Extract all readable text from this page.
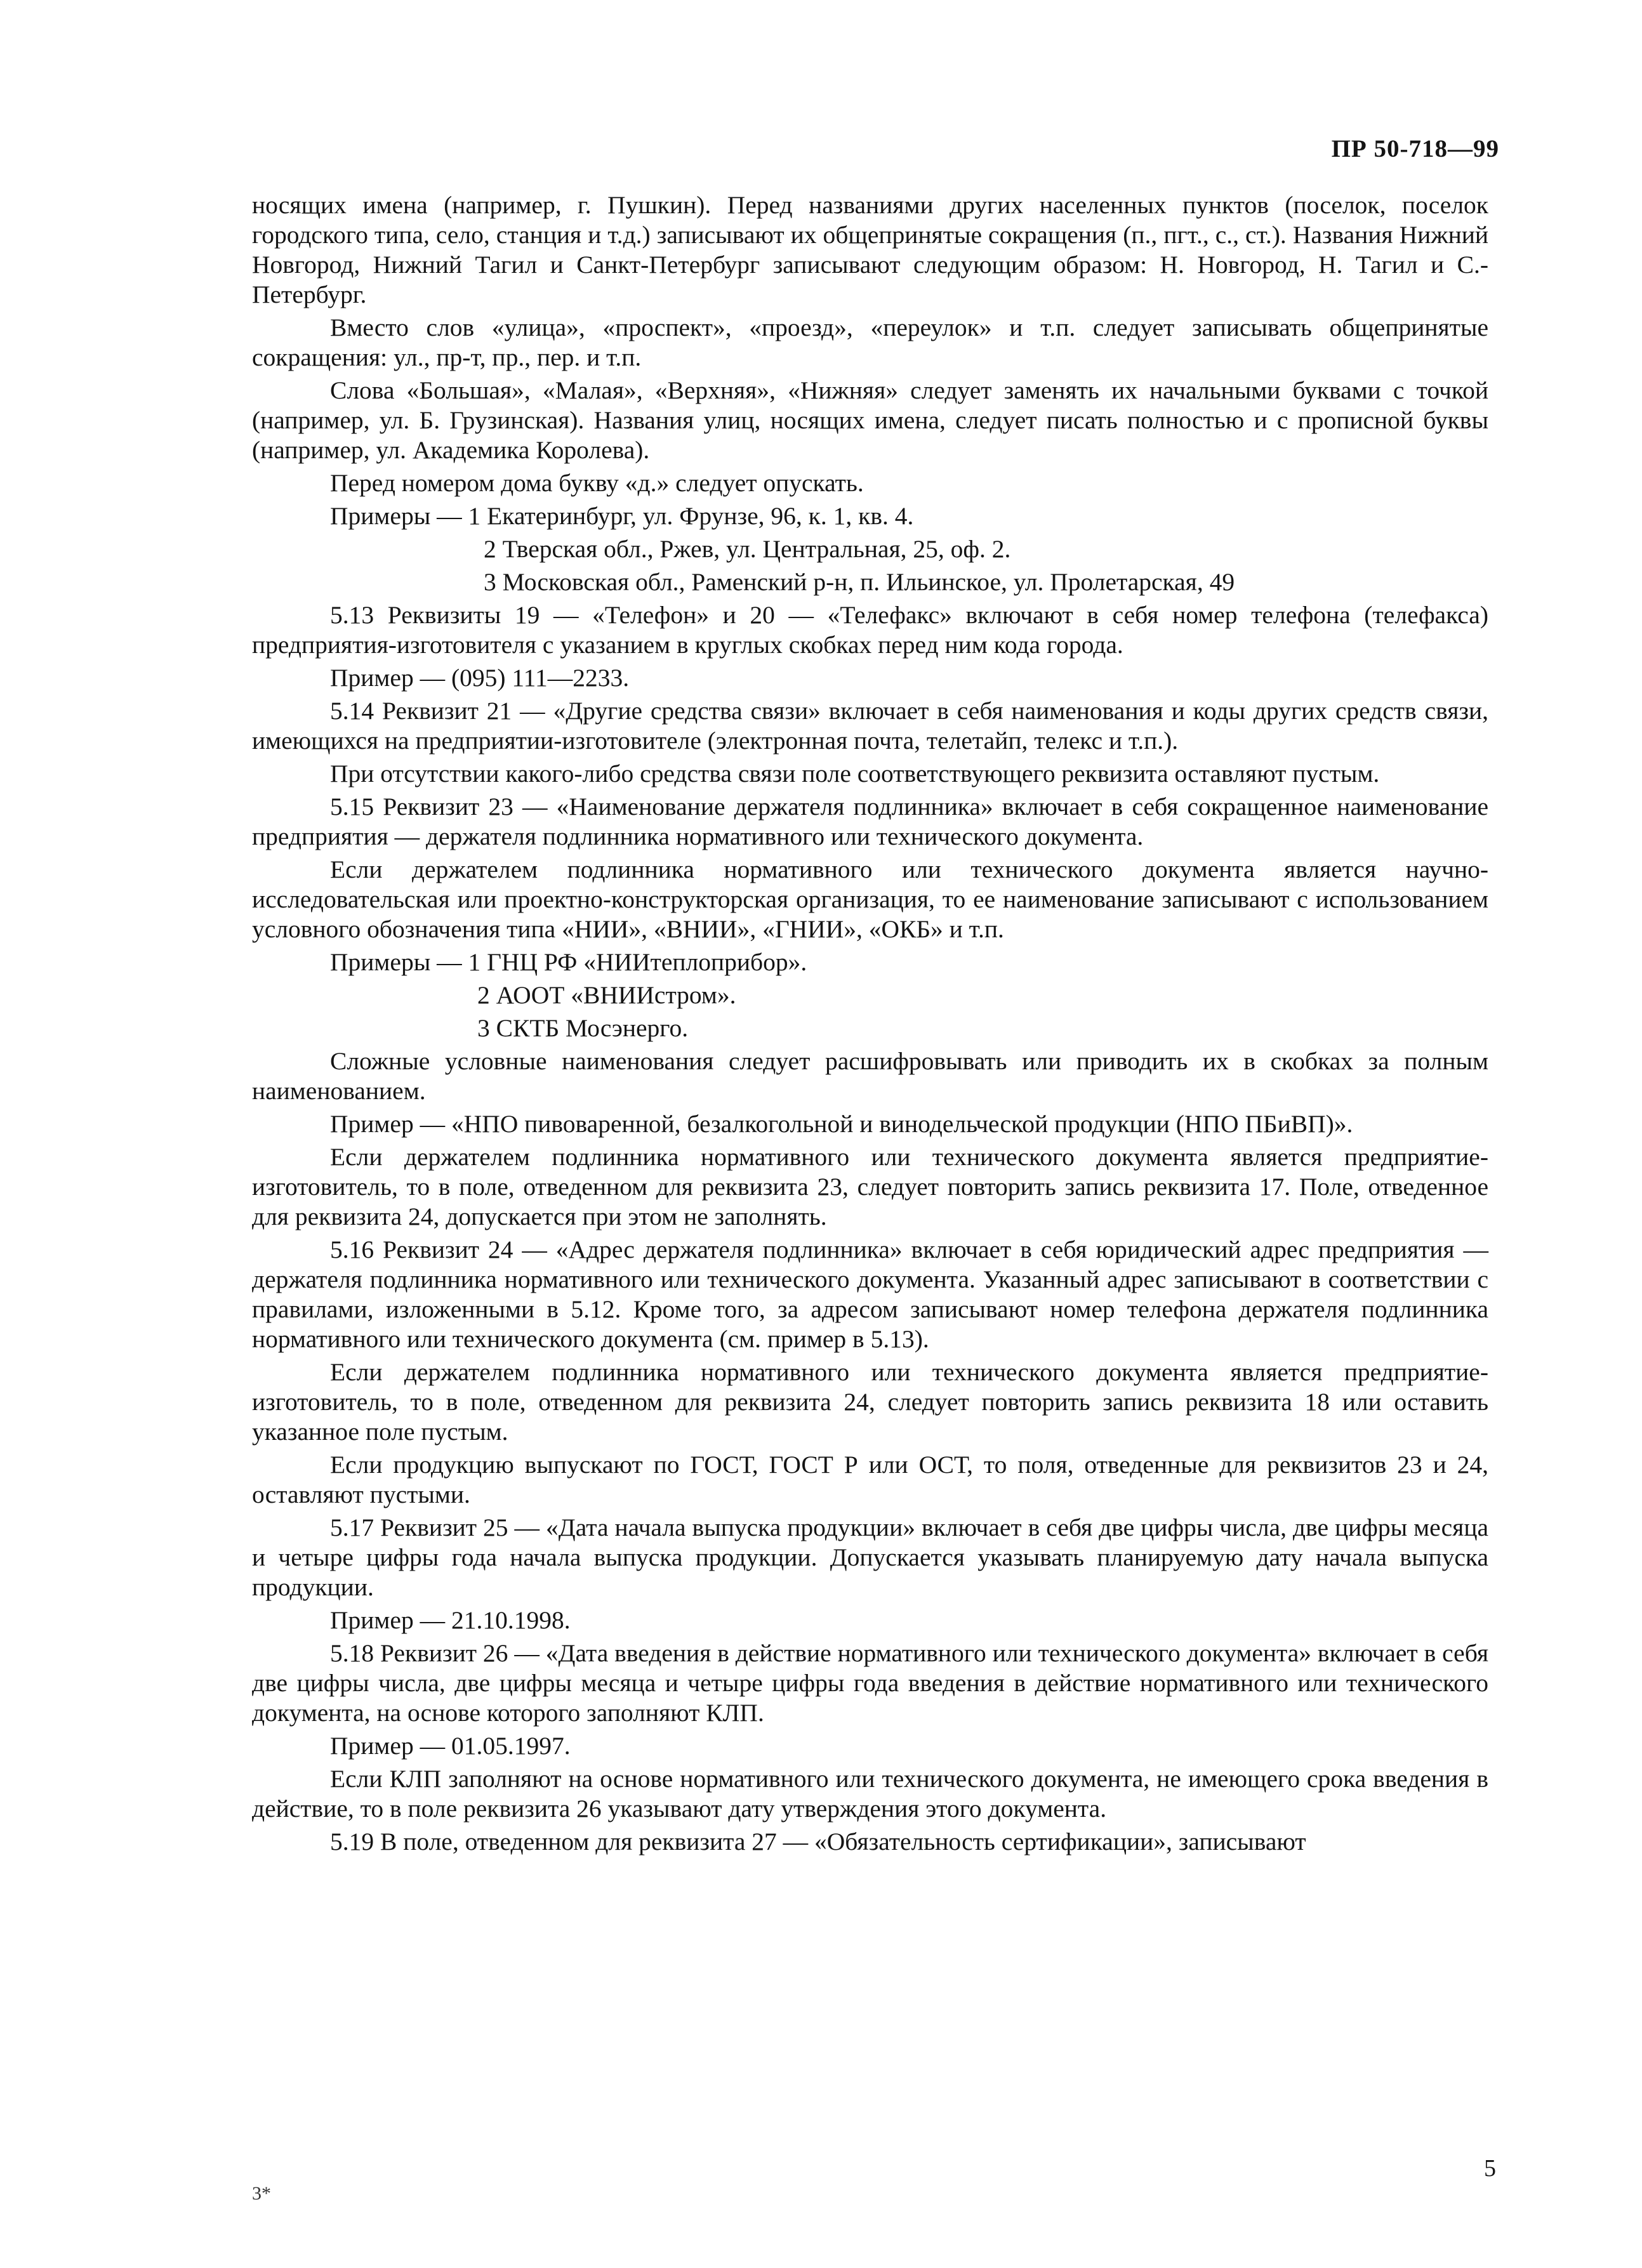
ПР 50-718—99

носящих имена (например, г. Пушкин). Перед названиями других населенных пунктов (поселок, поселок городского типа, село, станция и т.д.) записывают их общепринятые сокращения (п., пгт., с., ст.). Названия Нижний Новгород, Нижний Тагил и Санкт-Петербург записывают следующим образом: Н. Новгород, Н. Тагил и С.-Петербург.

Вместо слов «улица», «проспект», «проезд», «переулок» и т.п. следует записывать общепринятые сокращения: ул., пр-т, пр., пер. и т.п.

Слова «Большая», «Малая», «Верхняя», «Нижняя» следует заменять их начальными буквами с точкой (например, ул. Б. Грузинская). Названия улиц, носящих имена, следует писать полностью и с прописной буквы (например, ул. Академика Королева).

Перед номером дома букву «д.» следует опускать.

Примеры — 1 Екатеринбург, ул. Фрунзе, 96, к. 1, кв. 4.

2 Тверская обл., Ржев, ул. Центральная, 25, оф. 2.

3 Московская обл., Раменский р-н, п. Ильинское, ул. Пролетарская, 49

5.13 Реквизиты 19 — «Телефон» и 20 — «Телефакс» включают в себя номер телефона (телефакса) предприятия-изготовителя с указанием в круглых скобках перед ним кода города.

Пример — (095) 111—2233.

5.14 Реквизит 21 — «Другие средства связи» включает в себя наименования и коды других средств связи, имеющихся на предприятии-изготовителе (электронная почта, телетайп, телекс и т.п.).

При отсутствии какого-либо средства связи поле соответствующего реквизита оставляют пустым.

5.15 Реквизит 23 — «Наименование держателя подлинника» включает в себя сокращенное наименование предприятия — держателя подлинника нормативного или технического документа.

Если держателем подлинника нормативного или технического документа является научно-исследовательская или проектно-конструкторская организация, то ее наименование записывают с использованием условного обозначения типа «НИИ», «ВНИИ», «ГНИИ», «ОКБ» и т.п.

Примеры — 1 ГНЦ РФ «НИИтеплоприбор».

2 АООТ «ВНИИстром».

3 СКТБ Мосэнерго.

Сложные условные наименования следует расшифровывать или приводить их в скобках за полным наименованием.

Пример — «НПО пивоваренной, безалкогольной и винодельческой продукции (НПО ПБиВП)».

Если держателем подлинника нормативного или технического документа является предприятие-изготовитель, то в поле, отведенном для реквизита 23, следует повторить запись реквизита 17. Поле, отведенное для реквизита 24, допускается при этом не заполнять.

5.16 Реквизит 24 — «Адрес держателя подлинника» включает в себя юридический адрес предприятия — держателя подлинника нормативного или технического документа. Указанный адрес записывают в соответствии с правилами, изложенными в 5.12. Кроме того, за адресом записывают номер телефона держателя подлинника нормативного или технического документа (см. пример в 5.13).

Если держателем подлинника нормативного или технического документа является предприятие-изготовитель, то в поле, отведенном для реквизита 24, следует повторить запись реквизита 18 или оставить указанное поле пустым.

Если продукцию выпускают по ГОСТ, ГОСТ Р или ОСТ, то поля, отведенные для реквизитов 23 и 24, оставляют пустыми.

5.17 Реквизит 25 — «Дата начала выпуска продукции» включает в себя две цифры числа, две цифры месяца и четыре цифры года начала выпуска продукции. Допускается указывать планируемую дату начала выпуска продукции.

Пример — 21.10.1998.

5.18 Реквизит 26 — «Дата введения в действие нормативного или технического документа» включает в себя две цифры числа, две цифры месяца и четыре цифры года введения в действие нормативного или технического документа, на основе которого заполняют КЛП.

Пример — 01.05.1997.

Если КЛП заполняют на основе нормативного или технического документа, не имеющего срока введения в действие, то в поле реквизита 26 указывают дату утверждения этого документа.

5.19 В поле, отведенном для реквизита 27 — «Обязательность сертификации», записывают

5
3*
